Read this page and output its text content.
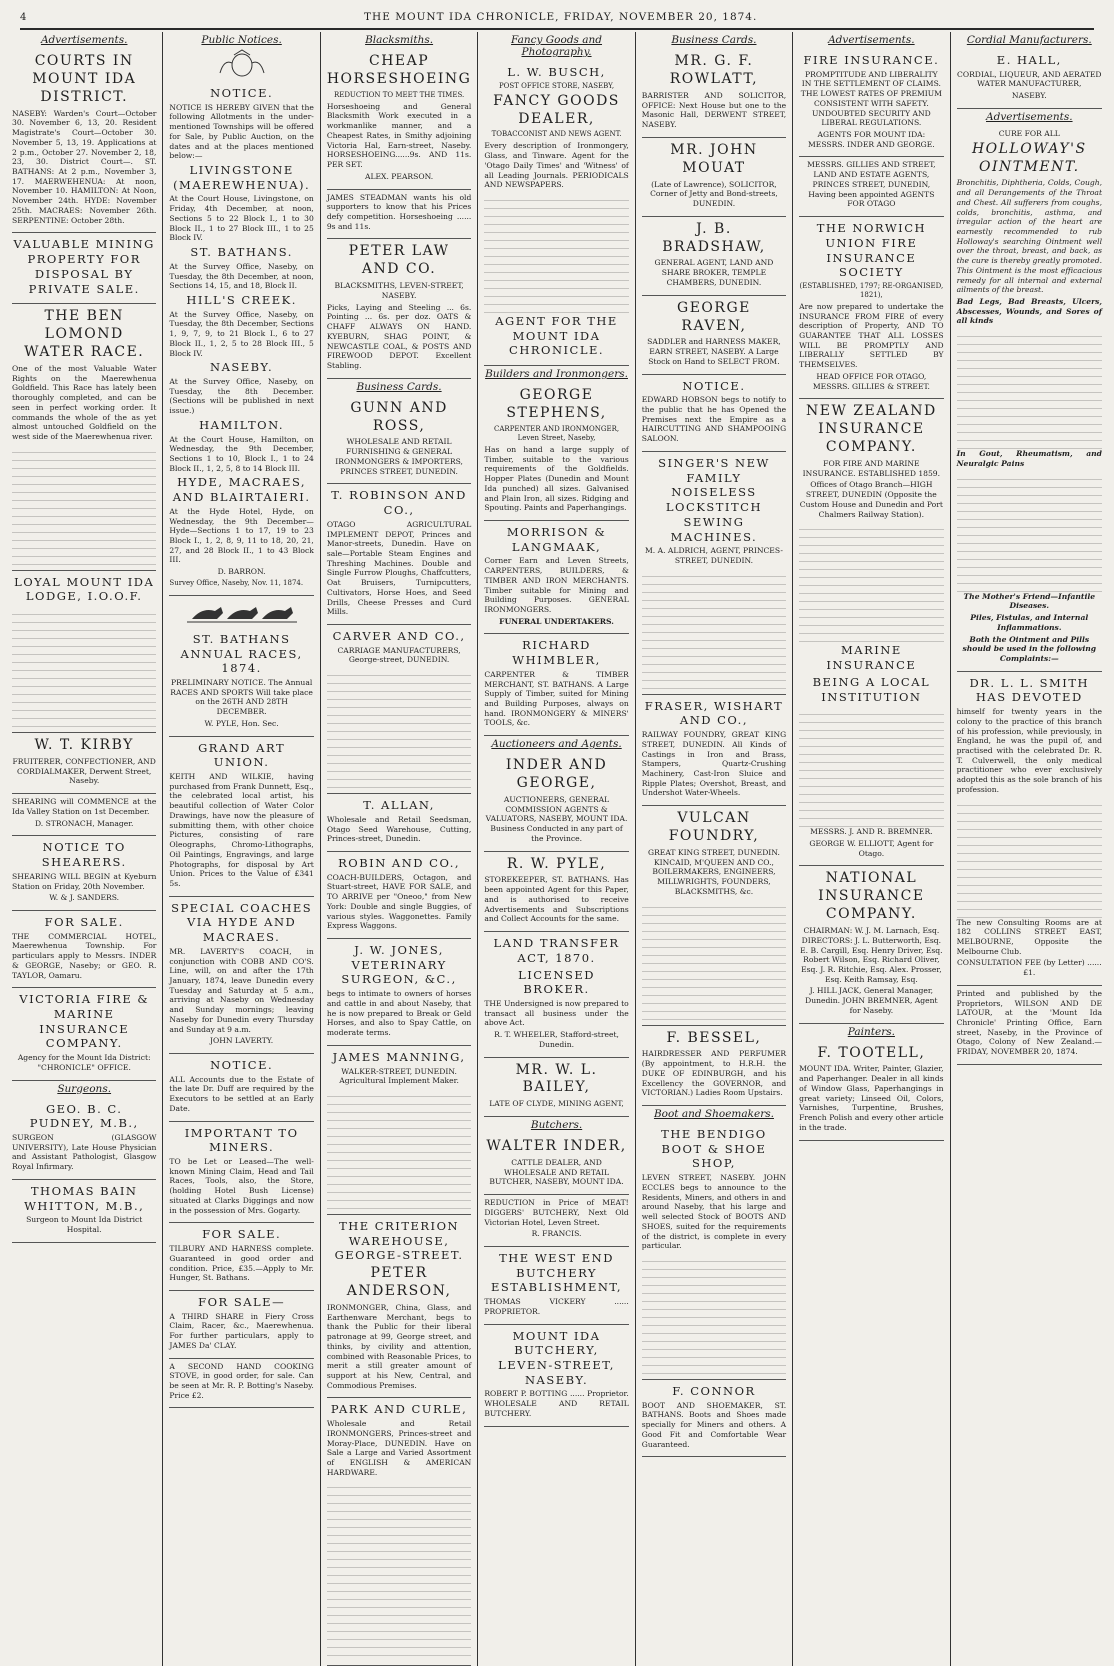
4	THE MOUNT IDA CHRONICLE, FRIDAY, NOVEMBER 20, 1874.
Advertisements.
COURTS IN MOUNT IDA DISTRICT.

NASEBY: Warden's Court—October 30. November 6, 13, 20. Resident Magistrate's Court—October 30. November 5, 13, 19. Applications at 2 p.m., October 27. November 2, 18, 23, 30. District Court—. ST. BATHANS: At 2 p.m., November 3, 17. MAERWEHENUA: At noon, November 10. HAMILTON: At Noon, November 24th. HYDE: November 25th. MACRAES: November 26th. SERPENTINE: October 28th.

VALUABLE MINING PROPERTY FOR DISPOSAL BY PRIVATE SALE.
THE BEN LOMOND WATER RACE.

One of the most Valuable Water Rights on the Maerewhenua Goldfield. This Race has lately been thoroughly completed, and can be seen in perfect working order. It commands the whole of the as yet almost untouched Goldfield on the west side of the Maerewhenua river.

LOYAL MOUNT IDA LODGE, I.O.O.F.
W. T. KIRBY

FRUITERER, CONFECTIONER, AND CORDIALMAKER, Derwent Street, Naseby.

SHEARING will COMMENCE at the Ida Valley Station on 1st December.

D. STRONACH, Manager.

NOTICE TO SHEARERS.

SHEARING WILL BEGIN at Kyeburn Station on Friday, 20th November.

W. & J. SANDERS.

FOR SALE.

THE COMMERCIAL HOTEL, Maerewhenua Township. For particulars apply to Messrs. INDER & GEORGE, Naseby; or GEO. R. TAYLOR, Oamaru.

VICTORIA FIRE & MARINE INSURANCE COMPANY.

Agency for the Mount Ida District: "CHRONICLE" OFFICE.

Surgeons.
GEO. B. C. PUDNEY, M.B.,

SURGEON (GLASGOW UNIVERSITY), Late House Physician and Assistant Pathologist, Glasgow Royal Infirmary.

THOMAS BAIN WHITTON, M.B.,

Surgeon to Mount Ida District Hospital.

Public Notices.
NOTICE.

NOTICE IS HEREBY GIVEN that the following Allotments in the under-mentioned Townships will be offered for Sale, by Public Auction, on the dates and at the places mentioned below:—

LIVINGSTONE (MAEREWHENUA).

At the Court House, Livingstone, on Friday, 4th December, at noon, Sections 5 to 22 Block I., 1 to 30 Block II., 1 to 27 Block III., 1 to 25 Block IV.

ST. BATHANS.

At the Survey Office, Naseby, on Tuesday, the 8th December, at noon, Sections 14, 15, and 18, Block II.

HILL'S CREEK.

At the Survey Office, Naseby, on Tuesday, the 8th December, Sections 1, 9, 7, 9, to 21 Block I., 6 to 27 Block II., 1, 2, 5 to 28 Block III., 5 Block IV.

NASEBY.

At the Survey Office, Naseby, on Tuesday, the 8th December. (Sections will be published in next issue.)

HAMILTON.

At the Court House, Hamilton, on Wednesday, the 9th December, Sections 1 to 10, Block I., 1 to 24 Block II., 1, 2, 5, 8 to 14 Block III.

HYDE, MACRAES, AND BLAIRTAIERI.

At the Hyde Hotel, Hyde, on Wednesday, the 9th December—Hyde—Sections 1 to 17, 19 to 23 Block I., 1, 2, 8, 9, 11 to 18, 20, 21, 27, and 28 Block II., 1 to 43 Block III.

D. BARRON.

Survey Office, Naseby, Nov. 11, 1874.

ST. BATHANS ANNUAL RACES, 1874.

PRELIMINARY NOTICE. The Annual RACES AND SPORTS Will take place on the 26TH AND 28TH DECEMBER.

W. PYLE, Hon. Sec.

GRAND ART UNION.

KEITH AND WILKIE, having purchased from Frank Dunnett, Esq., the celebrated local artist, his beautiful collection of Water Color Drawings, have now the pleasure of submitting them, with other choice Pictures, consisting of rare Oleographs, Chromo-Lithographs, Oil Paintings, Engravings, and large Photographs, for disposal by Art Union. Prices to the Value of £341 5s.

SPECIAL COACHES VIA HYDE AND MACRAES.

MR. LAVERTY'S COACH, in conjunction with COBB AND CO'S. Line, will, on and after the 17th January, 1874, leave Dunedin every Tuesday and Saturday at 5 a.m., arriving at Naseby on Wednesday and Sunday mornings; leaving Naseby for Dunedin every Thursday and Sunday at 9 a.m.

JOHN LAVERTY.

NOTICE.

ALL Accounts due to the Estate of the late Dr. Duff are required by the Executors to be settled at an Early Date.

IMPORTANT TO MINERS.

TO be Let or Leased—The well-known Mining Claim, Head and Tail Races, Tools, also, the Store, (holding Hotel Bush License) situated at Clarks Diggings and now in the possession of Mrs. Gogarty.

FOR SALE.

TILBURY AND HARNESS complete. Guaranteed in good order and condition. Price, £35.—Apply to Mr. Hunger, St. Bathans.

FOR SALE—

A THIRD SHARE in Fiery Cross Claim, Racer, &c., Maerewhenua. For further particulars, apply to JAMES Da' CLAY.

A SECOND HAND COOKING STOVE, in good order, for sale. Can be seen at Mr. R. P. Botting's Naseby. Price £2.

Blacksmiths.
CHEAP HORSESHOEING

REDUCTION TO MEET THE TIMES.

Horseshoeing and General Blacksmith Work executed in a workmanlike manner, and a Cheapest Rates, in Smithy adjoining Victoria Hal, Earn-street, Naseby. HORSESHOEING......9s. AND 11s. PER SET.

ALEX. PEARSON.

JAMES STEADMAN wants his old supporters to know that his Prices defy competition. Horseshoeing ...... 9s and 11s.

PETER LAW AND CO.

BLACKSMITHS, LEVEN-STREET, NASEBY.

Picks, Laying and Steeling ... 6s. Pointing ... 6s. per doz. OATS & CHAFF ALWAYS ON HAND. KYEBURN, SHAG POINT, & NEWCASTLE COAL, & POSTS AND FIREWOOD DEPOT. Excellent Stabling.

Business Cards.
GUNN AND ROSS,

WHOLESALE AND RETAIL FURNISHING & GENERAL IRONMONGERS & IMPORTERS, PRINCES STREET, DUNEDIN.

T. ROBINSON AND CO.,

OTAGO AGRICULTURAL IMPLEMENT DEPOT, Princes and Manor-streets, Dunedin. Have on sale—Portable Steam Engines and Threshing Machines. Double and Single Furrow Ploughs, Chaffcutters, Oat Bruisers, Turnipcutters, Cultivators, Horse Hoes, and Seed Drills, Cheese Presses and Curd Mills.

CARVER AND CO.,

CARRIAGE MANUFACTURERS, George-street, DUNEDIN.

T. ALLAN,

Wholesale and Retail Seedsman, Otago Seed Warehouse, Cutting, Princes-street, Dunedin.

ROBIN AND CO.,

COACH-BUILDERS, Octagon, and Stuart-street, HAVE FOR SALE, and TO ARRIVE per "Oneoo," from New York: Double and single Buggies, of various styles. Waggonettes. Family Express Waggons.

J. W. JONES, VETERINARY SURGEON, &C.,

begs to intimate to owners of horses and cattle in and about Naseby, that he is now prepared to Break or Geld Horses, and also to Spay Cattle, on moderate terms.

JAMES MANNING,

WALKER-STREET, DUNEDIN. Agricultural Implement Maker.

THE CRITERION WAREHOUSE, GEORGE-STREET.
PETER ANDERSON,

IRONMONGER, China, Glass, and Earthenware Merchant, begs to thank the Public for their liberal patronage at 99, George street, and thinks, by civility and attention, combined with Reasonable Prices, to merit a still greater amount of support at his New, Central, and Commodious Premises.

PARK AND CURLE,

Wholesale and Retail IRONMONGERS, Princes-street and Moray-Place, DUNEDIN. Have on Sale a Large and Varied Assortment of ENGLISH & AMERICAN HARDWARE.

Fancy Goods and Photography.
L. W. BUSCH,

POST OFFICE STORE, NASEBY,

FANCY GOODS DEALER,

TOBACCONIST AND NEWS AGENT.

Every description of Ironmongery, Glass, and Tinware. Agent for the 'Otago Daily Times' and 'Witness' of all Leading Journals. PERIODICALS AND NEWSPAPERS.

AGENT FOR THE MOUNT IDA CHRONICLE.
Builders and Ironmongers.
GEORGE STEPHENS,

CARPENTER AND IRONMONGER, Leven Street, Naseby,

Has on hand a large supply of Timber, suitable to the various requirements of the Goldfields. Hopper Plates (Dunedin and Mount Ida punched) all sizes. Galvanised and Plain Iron, all sizes. Ridging and Spouting. Paints and Paperhangings.

MORRISON & LANGMAAK,

Corner Earn and Leven Streets, CARPENTERS, BUILDERS, & TIMBER AND IRON MERCHANTS. Timber suitable for Mining and Building Purposes. GENERAL IRONMONGERS.

FUNERAL UNDERTAKERS.

RICHARD WHIMBLER,

CARPENTER & TIMBER MERCHANT, ST. BATHANS. A Large Supply of Timber, suited for Mining and Building Purposes, always on hand. IRONMONGERY & MINERS' TOOLS, &c.

Auctioneers and Agents.
INDER AND GEORGE,

AUCTIONEERS, GENERAL COMMISSION AGENTS & VALUATORS, NASEBY, MOUNT IDA. Business Conducted in any part of the Province.

R. W. PYLE,

STOREKEEPER, ST. BATHANS. Has been appointed Agent for this Paper, and is authorised to receive Advertisements and Subscriptions and Collect Accounts for the same.

LAND TRANSFER ACT, 1870.
LICENSED BROKER.

THE Undersigned is now prepared to transact all business under the above Act.

R. T. WHEELER, Stafford-street, Dunedin.

MR. W. L. BAILEY,

LATE OF CLYDE, MINING AGENT,

Butchers.
WALTER INDER,

CATTLE DEALER, AND WHOLESALE AND RETAIL BUTCHER, NASEBY, MOUNT IDA.

REDUCTION in Price of MEAT! DIGGERS' BUTCHERY, Next Old Victorian Hotel, Leven Street.

R. FRANCIS.

THE WEST END BUTCHERY ESTABLISHMENT,

THOMAS VICKERY ...... PROPRIETOR.

MOUNT IDA BUTCHERY, LEVEN-STREET, NASEBY.

ROBERT P. BOTTING ...... Proprietor. WHOLESALE AND RETAIL BUTCHERY.

Business Cards.
MR. G. F. ROWLATT,

BARRISTER AND SOLICITOR, OFFICE: Next House but one to the Masonic Hall, DERWENT STREET, NASEBY.

MR. JOHN MOUAT

(Late of Lawrence), SOLICITOR, Corner of Jetty and Bond-streets, DUNEDIN.

J. B. BRADSHAW,

GENERAL AGENT, LAND AND SHARE BROKER, TEMPLE CHAMBERS, DUNEDIN.

GEORGE RAVEN,

SADDLER and HARNESS MAKER, EARN STREET, NASEBY. A Large Stock on Hand to SELECT FROM.

NOTICE.

EDWARD HOBSON begs to notify to the public that he has Opened the Premises next the Empire as a HAIRCUTTING AND SHAMPOOING SALOON.

SINGER'S NEW FAMILY NOISELESS LOCKSTITCH SEWING MACHINES.

M. A. ALDRICH, AGENT, PRINCES-STREET, DUNEDIN.

FRASER, WISHART AND CO.,

RAILWAY FOUNDRY, GREAT KING STREET, DUNEDIN. All Kinds of Castings in Iron and Brass, Stampers, Quartz-Crushing Machinery, Cast-Iron Sluice and Ripple Plates; Overshot, Breast, and Undershot Water-Wheels.

VULCAN FOUNDRY,

GREAT KING STREET, DUNEDIN. KINCAID, M'QUEEN AND CO., BOILERMAKERS, ENGINEERS, MILLWRIGHTS, FOUNDERS, BLACKSMITHS, &c.

F. BESSEL,

HAIRDRESSER AND PERFUMER (By appointment, to H.R.H. the DUKE OF EDINBURGH, and his Excellency the GOVERNOR, and VICTORIAN.) Ladies Room Upstairs.

Boot and Shoemakers.
THE BENDIGO BOOT & SHOE SHOP,

LEVEN STREET, NASEBY. JOHN ECCLES begs to announce to the Residents, Miners, and others in and around Naseby, that his large and well selected Stock of BOOTS AND SHOES, suited for the requirements of the district, is complete in every particular.

F. CONNOR

BOOT AND SHOEMAKER, ST. BATHANS. Boots and Shoes made specially for Miners and others. A Good Fit and Comfortable Wear Guaranteed.

Advertisements.
FIRE INSURANCE.

PROMPTITUDE AND LIBERALITY IN THE SETTLEMENT OF CLAIMS. THE LOWEST RATES OF PREMIUM CONSISTENT WITH SAFETY. UNDOUBTED SECURITY AND LIBERAL REGULATIONS.

AGENTS FOR MOUNT IDA: MESSRS. INDER AND GEORGE.

MESSRS. GILLIES AND STREET, LAND AND ESTATE AGENTS, PRINCES STREET, DUNEDIN, Having been appointed AGENTS FOR OTAGO

THE NORWICH UNION FIRE INSURANCE SOCIETY

(ESTABLISHED, 1797; RE-ORGANISED, 1821),

Are now prepared to undertake the INSURANCE FROM FIRE of every description of Property, AND TO GUARANTEE THAT ALL LOSSES WILL BE PROMPTLY AND LIBERALLY SETTLED BY THEMSELVES.

HEAD OFFICE FOR OTAGO, MESSRS. GILLIES & STREET.

NEW ZEALAND INSURANCE COMPANY.

FOR FIRE AND MARINE INSURANCE. ESTABLISHED 1859.

Offices of Otago Branch—HIGH STREET, DUNEDIN (Opposite the Custom House and Dunedin and Port Chalmers Railway Station).

MARINE INSURANCE
BEING A LOCAL INSTITUTION

MESSRS. J. AND R. BREMNER.

GEORGE W. ELLIOTT, Agent for Otago.

NATIONAL INSURANCE COMPANY.

CHAIRMAN: W. J. M. Larnach, Esq. DIRECTORS: J. L. Butterworth, Esq. E. B. Cargill, Esq. Henry Driver, Esq. Robert Wilson, Esq. Richard Oliver, Esq. J. R. Ritchie, Esq. Alex. Prosser, Esq. Keith Ramsay, Esq.

J. HILL JACK, General Manager, Dunedin. JOHN BREMNER, Agent for Naseby.

Painters.
F. TOOTELL,

MOUNT IDA. Writer, Painter, Glazier, and Paperhanger. Dealer in all kinds of Window Glass, Paperhangings in great variety; Linseed Oil, Colors, Varnishes, Turpentine, Brushes, French Polish and every other article in the trade.

Cordial Manufacturers.
E. HALL,

CORDIAL, LIQUEUR, AND AERATED WATER MANUFACTURER,

NASEBY.

Advertisements.

CURE FOR ALL

HOLLOWAY'S OINTMENT.

Bronchitis, Diphtheria, Colds, Cough, and all Derangements of the Throat and Chest. All sufferers from coughs, colds, bronchitis, asthma, and irregular action of the heart are earnestly recommended to rub Holloway's searching Ointment well over the throat, breast, and back, as the cure is thereby greatly promoted. This Ointment is the most efficacious remedy for all internal and external ailments of the breast.

Bad Legs, Bad Breasts, Ulcers, Abscesses, Wounds, and Sores of all kinds

In Gout, Rheumatism, and Neuralgic Pains

The Mother's Friend—Infantile Diseases.

Piles, Fistulas, and Internal Inflammations.

Both the Ointment and Pills should be used in the following Complaints:—

DR. L. L. SMITH HAS DEVOTED

himself for twenty years in the colony to the practice of this branch of his profession, while previously, in England, he was the pupil of, and practised with the celebrated Dr. R. T. Culverwell, the only medical practitioner who ever exclusively adopted this as the sole branch of his profession.

The new Consulting Rooms are at 182 COLLINS STREET EAST, MELBOURNE, Opposite the Melbourne Club.

CONSULTATION FEE (by Letter) ...... £1.

Printed and published by the Proprietors, WILSON AND DE LATOUR, at the 'Mount Ida Chronicle' Printing Office, Earn street, Naseby, in the Province of Otago, Colony of New Zealand.—FRIDAY, NOVEMBER 20, 1874.
